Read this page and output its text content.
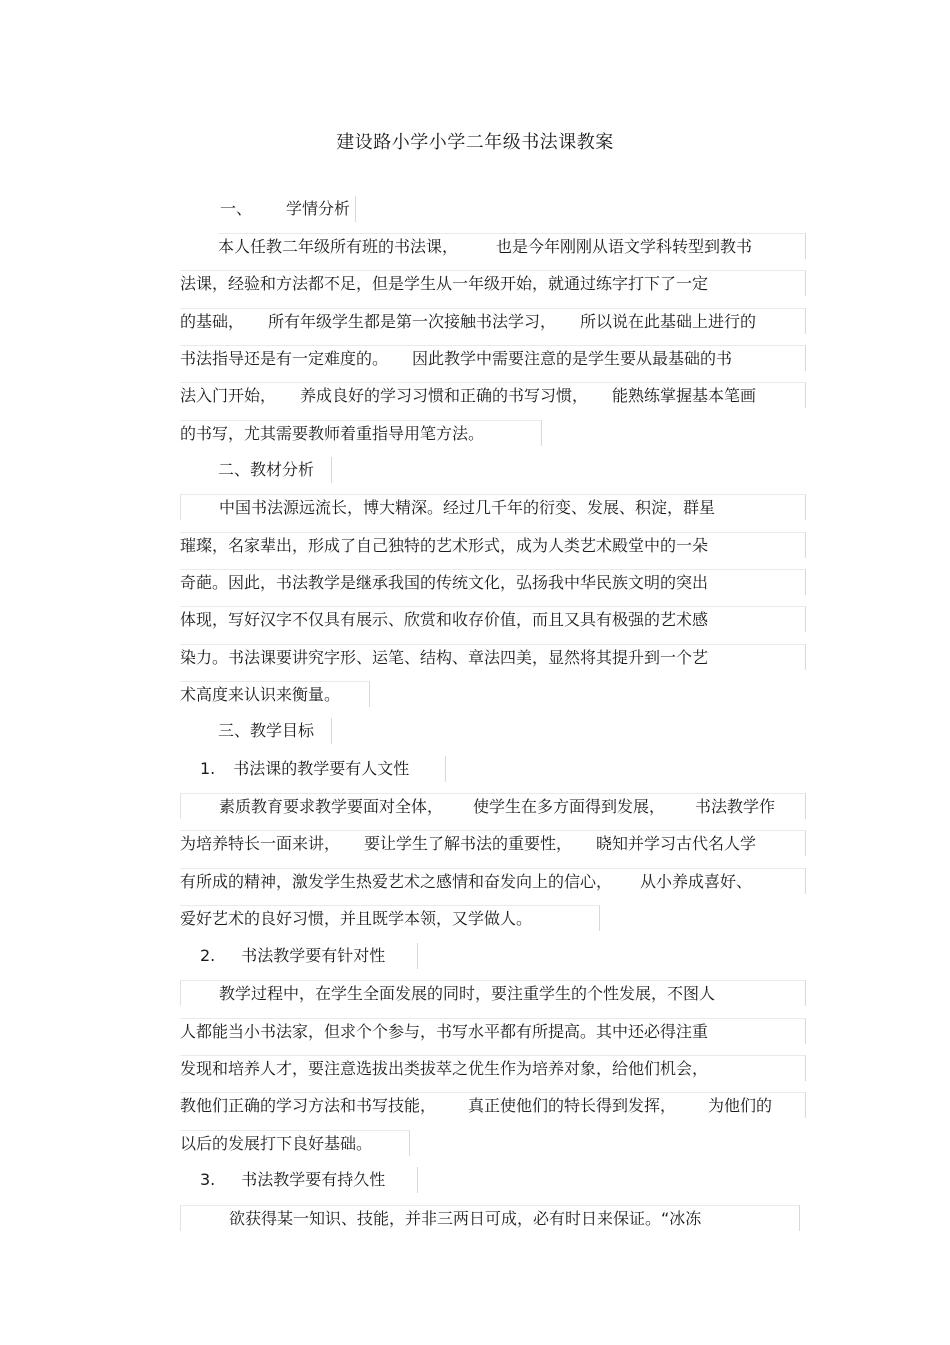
建设路小学小学二年级书法课教案
一、 学情分析
本人任教二年级所有班的书法课， 也是今年刚刚从语文学科转型到教书
法课，经验和方法都不足，但是学生从一年级开始，就通过练字打下了一定
的基础， 所有年级学生都是第一次接触书法学习， 所以说在此基础上进行的
书法指导还是有一定难度的。 因此教学中需要注意的是学生要从最基础的书
法入门开始， 养成良好的学习习惯和正确的书写习惯， 能熟练掌握基本笔画
的书写，尤其需要教师着重指导用笔方法。
二、教材分析
中国书法源远流长，博大精深。经过几千年的衍变、发展、积淀，群星
璀璨，名家辈出，形成了自己独特的艺术形式，成为人类艺术殿堂中的一朵
奇葩。因此，书法教学是继承我国的传统文化，弘扬我中华民族文明的突出
体现，写好汉字不仅具有展示、欣赏和收存价值，而且又具有极强的艺术感
染力。书法课要讲究字形、运笔、结构、章法四美，显然将其提升到一个艺
术高度来认识来衡量。
三、教学目标
1. 书法课的教学要有人文性
素质教育要求教学要面对全体， 使学生在多方面得到发展， 书法教学作
为培养特长一面来讲， 要让学生了解书法的重要性， 晓知并学习古代名人学
有所成的精神，激发学生热爱艺术之感情和奋发向上的信心， 从小养成喜好、
爱好艺术的良好习惯，并且既学本领，又学做人。
2. 书法教学要有针对性
教学过程中，在学生全面发展的同时，要注重学生的个性发展，不图人
人都能当小书法家，但求个个参与，书写水平都有所提高。其中还必得注重
发现和培养人才，要注意选拔出类拔萃之优生作为培养对象，给他们机会，
教他们正确的学习方法和书写技能， 真正使他们的特长得到发挥， 为他们的
以后的发展打下良好基础。
3. 书法教学要有持久性
欲获得某一知识、技能，并非三两日可成，必有时日来保证。“冰冻
